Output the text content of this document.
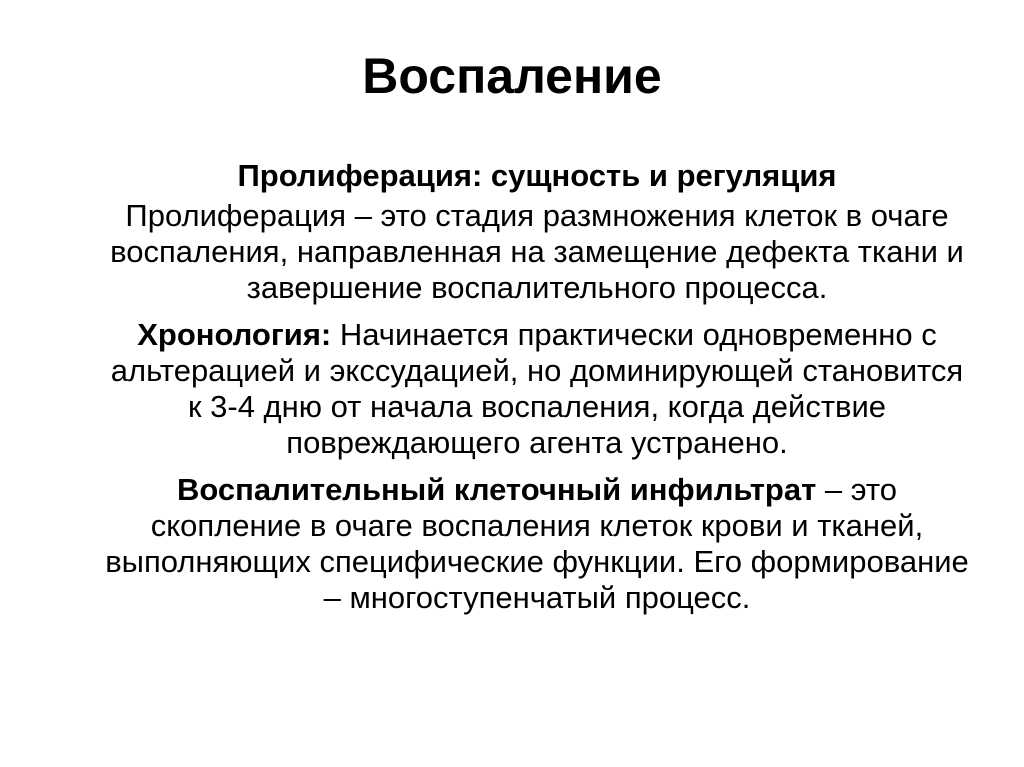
Воспаление
Пролиферация: сущность и регуляция

Пролиферация – это стадия размножения клеток в очаге воспаления, направленная на замещение дефекта ткани и завершение воспалительного процесса.

Хронология: Начинается практически одновременно с альтерацией и экссудацией, но доминирующей становится к 3-4 дню от начала воспаления, когда действие повреждающего агента устранено.

Воспалительный клеточный инфильтрат – это скопление в очаге воспаления клеток крови и тканей, выполняющих специфические функции. Его формирование – многоступенчатый процесс.
